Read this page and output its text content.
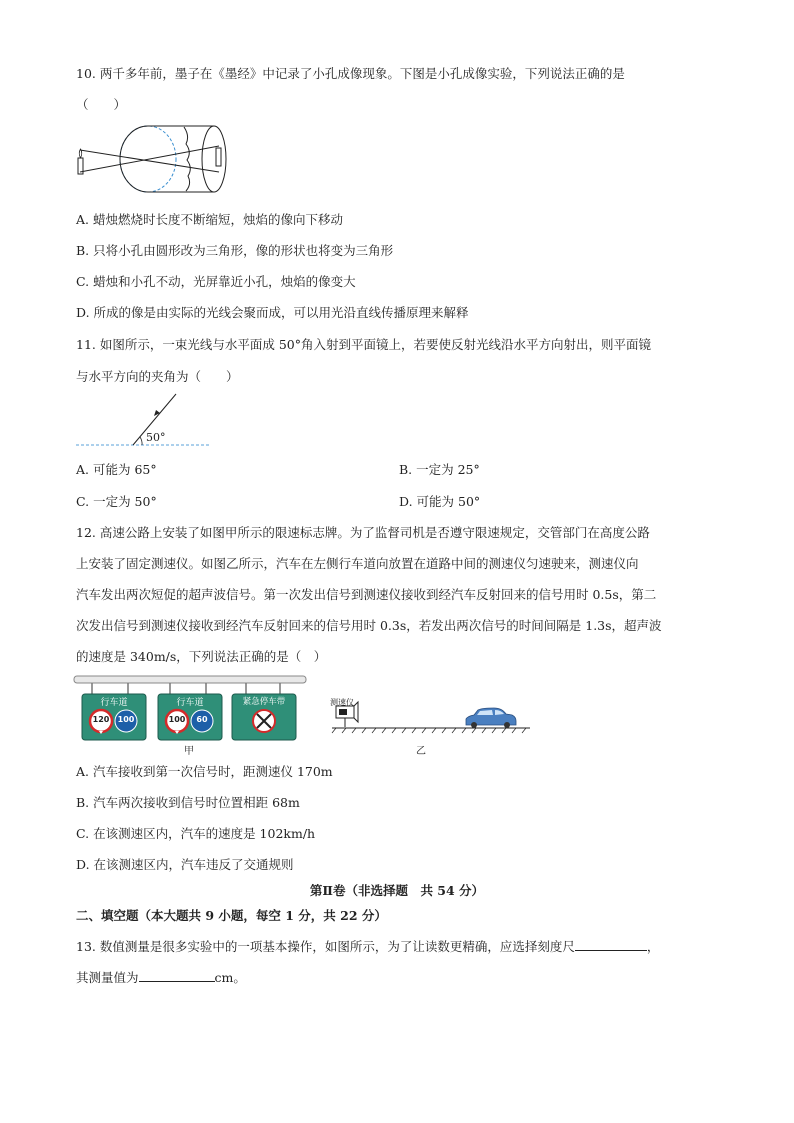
10. 两千多年前，墨子在《墨经》中记录了小孔成像现象。下图是小孔成像实验，下列说法正确的是
（　　）
A. 蜡烛燃烧时长度不断缩短，烛焰的像向下移动
B. 只将小孔由圆形改为三角形，像的形状也将变为三角形
C. 蜡烛和小孔不动，光屏靠近小孔，烛焰的像变大
D. 所成的像是由实际的光线会聚而成，可以用光沿直线传播原理来解释
11. 如图所示，一束光线与水平面成 50°角入射到平面镜上，若要使反射光线沿水平方向射出，则平面镜
与水平方向的夹角为（　　）
50°
A. 可能为 65°	B. 一定为 25°
C. 一定为 50°	D. 可能为 50°
12. 高速公路上安装了如图甲所示的限速标志牌。为了监督司机是否遵守限速规定，交管部门在高度公路
上安装了固定测速仪。如图乙所示，汽车在左侧行车道向放置在道路中间的测速仪匀速驶来，测速仪向
汽车发出两次短促的超声波信号。第一次发出信号到测速仪接收到经汽车反射回来的信号用时 0.5s，第二
次发出信号到测速仪接收到经汽车反射回来的信号用时 0.3s，若发出两次信号的时间间隔是 1.3s，超声波
的速度是 340m/s，下列说法正确的是（　）
行车道
120 100
行车道
100	60
紧急停车带
甲
测速仪
乙
A. 汽车接收到第一次信号时，距测速仪 170m
B. 汽车两次接收到信号时位置相距 68m
C. 在该测速区内，汽车的速度是 102km/h
D. 在该测速区内，汽车违反了交通规则
第Ⅱ卷（非选择题　共 54 分）
二、填空题（本大题共 9 小题，每空 1 分，共 22 分）
13. 数值测量是很多实验中的一项基本操作，如图所示，为了让读数更精确，应选择刻度尺	，
其测量值为	cm。
